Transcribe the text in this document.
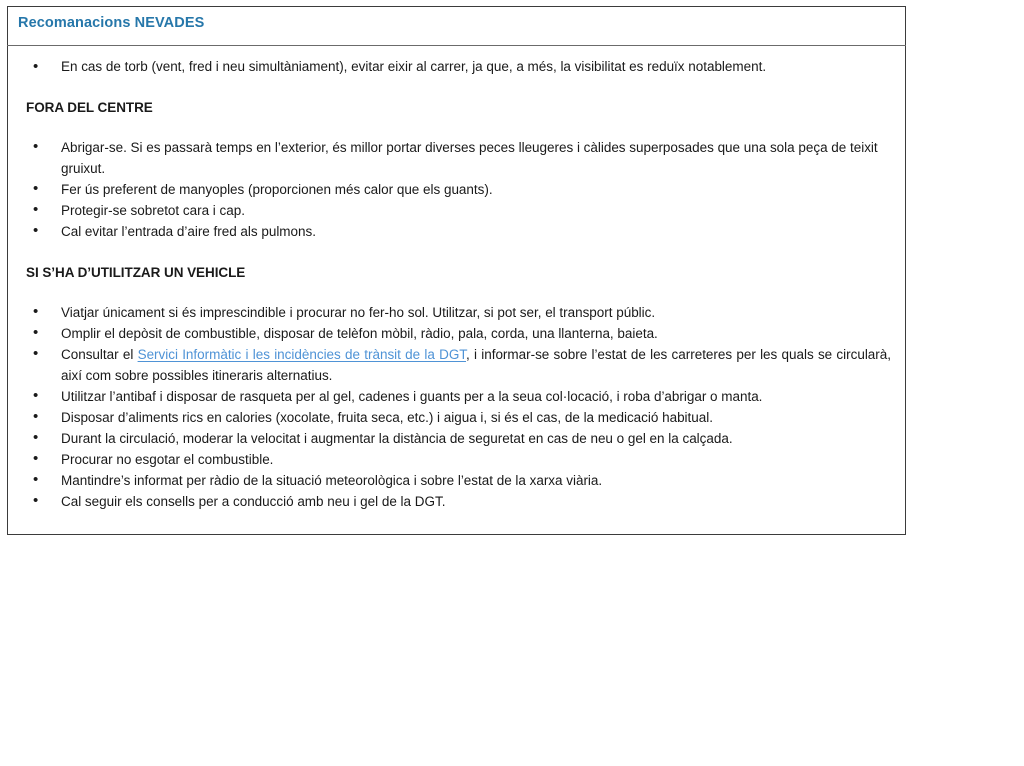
Recomanacions NEVADES

• En cas de torb (vent, fred i neu simultàniament), evitar eixir al carrer, ja que, a més, la visibilitat es reduïx notablement.
FORA DEL CENTRE
• Abrigar-se. Si es passarà temps en l’exterior, és millor portar diverses peces lleugeres i càlides superposades que una sola peça de teixit gruixut.
• Fer ús preferent de manyoples (proporcionen més calor que els guants).
• Protegir-se sobretot cara i cap.
• Cal evitar l’entrada d’aire fred als pulmons.
SI S’HA D’UTILITZAR UN VEHICLE
• Viatjar únicament si és imprescindible i procurar no fer-ho sol. Utilitzar, si pot ser, el transport públic.
• Omplir el depòsit de combustible, disposar de telèfon mòbil, ràdio, pala, corda, una llanterna, baieta.
• Consultar el Servici Informàtic i les incidències de trànsit de la DGT, i informar-se sobre l’estat de les carreteres per les quals se circularà, així com sobre possibles itineraris alternatius.
• Utilitzar l’antibaf i disposar de rasqueta per al gel, cadenes i guants per a la seua col·locació, i roba d’abrigar o manta.
• Disposar d’aliments rics en calories (xocolate, fruita seca, etc.) i aigua i, si és el cas, de la medicació habitual.
• Durant la circulació, moderar la velocitat i augmentar la distància de seguretat en cas de neu o gel en la calçada.
• Procurar no esgotar el combustible.
• Mantindre’s informat per ràdio de la situació meteorològica i sobre l’estat de la xarxa viària.
• Cal seguir els consells per a conducció amb neu i gel de la DGT.
